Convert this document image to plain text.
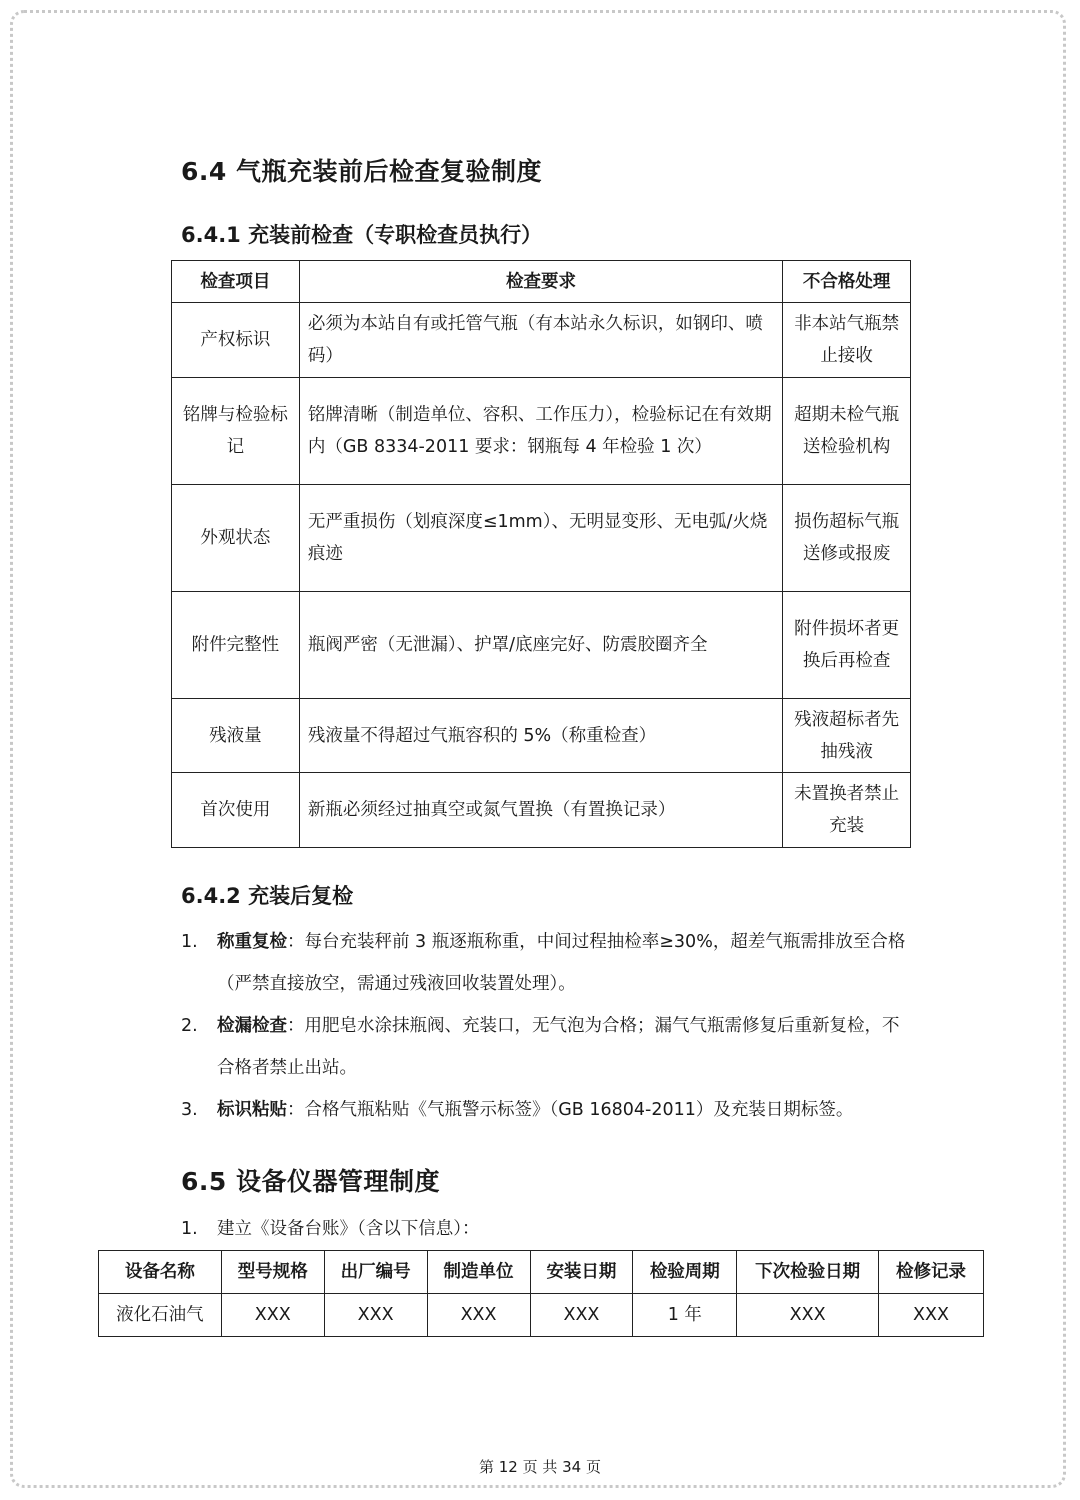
6.4 气瓶充装前后检查复验制度
6.4.1 充装前检查（专职检查员执行）
检查项目	检查要求	不合格处理
产权标识	必须为本站自有或托管气瓶（有本站永久标识，如钢印、喷码）	非本站气瓶禁止接收
铭牌与检验标记	铭牌清晰（制造单位、容积、工作压力），检验标记在有效期内（GB 8334-2011 要求：钢瓶每 4 年检验 1 次）	超期未检气瓶送检验机构
外观状态	无严重损伤（划痕深度≤1mm）、无明显变形、无电弧/火烧痕迹	损伤超标气瓶送修或报废
附件完整性	瓶阀严密（无泄漏）、护罩/底座完好、防震胶圈齐全	附件损坏者更换后再检查
残液量	残液量不得超过气瓶容积的 5%（称重检查）	残液超标者先抽残液
首次使用	新瓶必须经过抽真空或氮气置换（有置换记录）	未置换者禁止充装
6.4.2 充装后复检
1.	称重复检：每台充装秤前 3 瓶逐瓶称重，中间过程抽检率≥30%，超差气瓶需排放至合格（严禁直接放空，需通过残液回收装置处理）。
2.	检漏检查：用肥皂水涂抹瓶阀、充装口，无气泡为合格；漏气气瓶需修复后重新复检，不合格者禁止出站。
3.	标识粘贴：合格气瓶粘贴《气瓶警示标签》（GB 16804-2011）及充装日期标签。
6.5 设备仪器管理制度
1.	建立《设备台账》（含以下信息）：
设备名称	型号规格	出厂编号	制造单位	安装日期	检验周期	下次检验日期	检修记录
液化石油气	XXX	XXX	XXX	XXX	1 年	XXX	XXX
第 12 页 共 34 页
